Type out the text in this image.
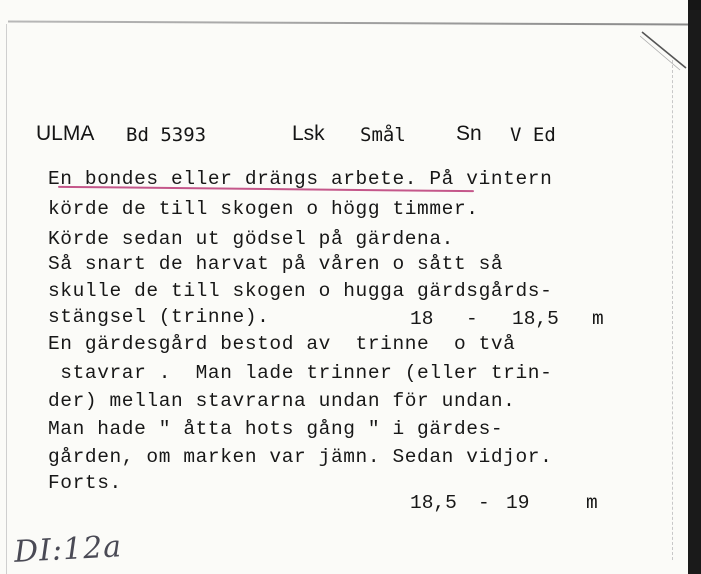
ULMA Bd 5393	Lsk Smål Sn V Ed
En bondes eller drängs arbete. På vintern
körde de till skogen o högg timmer.
Körde sedan ut gödsel på gärdena.
Så snart de harvat på våren o sått så
skulle de till skogen o hugga gärdsgårds-
stängsel (trinne).	18 - 18,5 m
En gärdesgård bestod av  trinne  o två
stavrar .  Man lade trinner (eller trin-
der) mellan stavrarna undan för undan.
Man hade " åtta hots gång " i gärdes-
gården, om marken var jämn. Sedan vidjor.
Forts.
18,5 - 19	m
DI:12a
